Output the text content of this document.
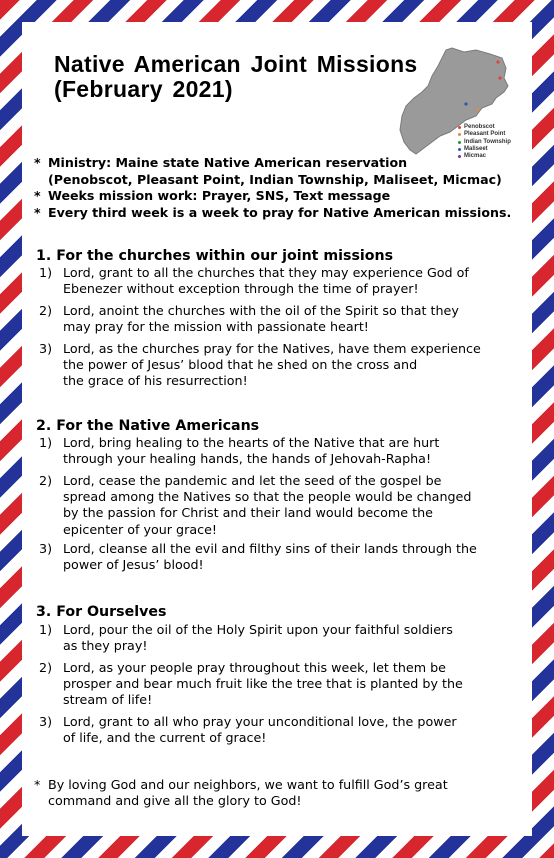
Native American Joint Missions
(February 2021)
Penobscot
Pleasant Point
Indian Township
Maliseet
Micmac

* Ministry: Maine state Native American reservation
(Penobscot, Pleasant Point, Indian Township, Maliseet, Micmac)

* Weeks mission work: Prayer, SNS, Text message

* Every third week is a week to pray for Native American missions.

1. For the churches within our joint missions

1) Lord, grant to all the churches that they may experience God of
Ebenezer without exception through the time of prayer!

2) Lord, anoint the churches with the oil of the Spirit so that they
may pray for the mission with passionate heart!

3) Lord, as the churches pray for the Natives, have them experience
the power of Jesus’ blood that he shed on the cross and
the grace of his resurrection!

2. For the Native Americans

1) Lord, bring healing to the hearts of the Native that are hurt
through your healing hands, the hands of Jehovah-Rapha!

2) Lord, cease the pandemic and let the seed of the gospel be
spread among the Natives so that the people would be changed
by the passion for Christ and their land would become the
epicenter of your grace!

3) Lord, cleanse all the evil and filthy sins of their lands through the
power of Jesus’ blood!

3. For Ourselves

1) Lord, pour the oil of the Holy Spirit upon your faithful soldiers
as they pray!

2) Lord, as your people pray throughout this week, let them be
prosper and bear much fruit like the tree that is planted by the
stream of life!

3) Lord, grant to all who pray your unconditional love, the power
of life, and the current of grace!

* By loving God and our neighbors, we want to fulfill God’s great
command and give all the glory to God!
